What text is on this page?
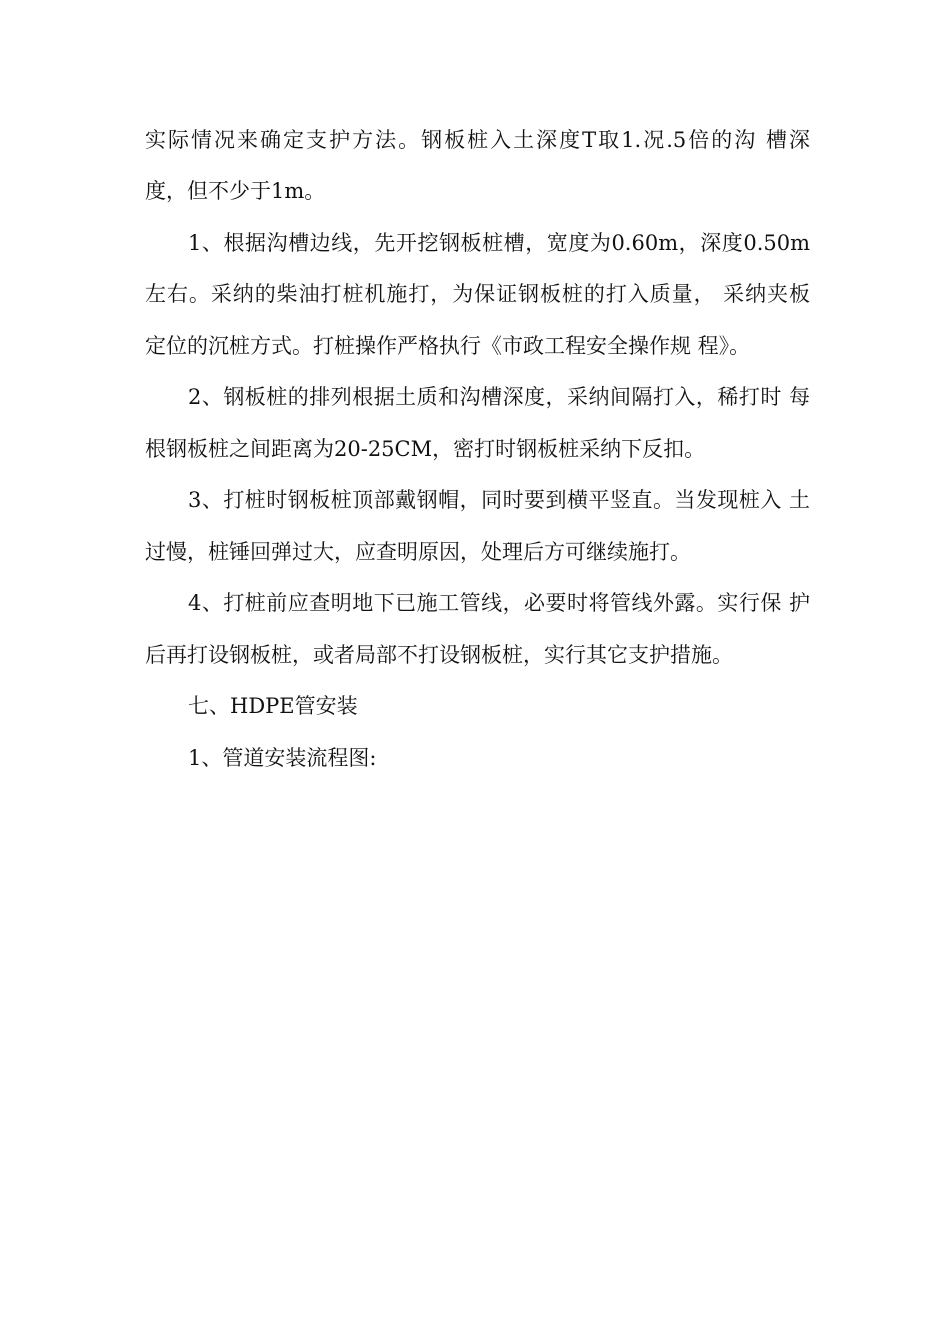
实际情况来确定支护方法。钢板桩入土深度T取1.况.5倍的沟 槽深
度，但不少于1m。
1、根据沟槽边线，先开挖钢板桩槽，宽度为0.60m，深度0.50m
左右。采纳的柴油打桩机施打，为保证钢板桩的打入质量， 采纳夹板
定位的沉桩方式。打桩操作严格执行《市政工程安全操作规 程》。
2、钢板桩的排列根据土质和沟槽深度，采纳间隔打入，稀打时 每
根钢板桩之间距离为20-25CM，密打时钢板桩采纳下反扣。
3、打桩时钢板桩顶部戴钢帽，同时要到横平竖直。当发现桩入 土
过慢，桩锤回弹过大，应查明原因，处理后方可继续施打。
4、打桩前应查明地下已施工管线，必要时将管线外露。实行保 护
后再打设钢板桩，或者局部不打设钢板桩，实行其它支护措施。
七、HDPE管安装
1、管道安装流程图:
